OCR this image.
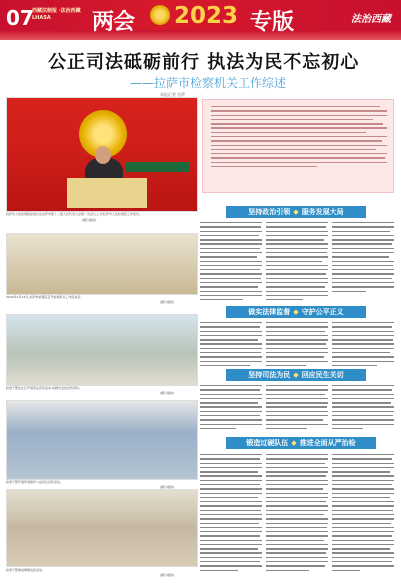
07
西藏法制报 ·法治西藏 LHASA	两会 2023 专版	法治西藏
公正司法砥砺前行 执法为民不忘初心
——拉萨市检察机关工作综述
本报记者 拉萨
拉萨市人民检察院检察长在拉萨市第十二届人民代表大会第一次会议上,作拉萨市人民检察院工作报告。
(图片提供)
2022年4月12日,拉萨市检察院召开检察机关工作座谈会。
(图片提供)
检察干警在社区开展普法宣传活动,向群众发放宣传资料。
(图片提供)
检察干警开展环境保护公益诉讼宣传活动。
(图片提供)
检察干警参加增殖放流活动。
(图片提供)
坚持政治引领 ◆ 服务发展大局
做实法律监督 ◆ 守护公平正义
坚持司法为民 ◆ 回应民生关切
锻造过硬队伍 ◆ 推进全面从严治检
